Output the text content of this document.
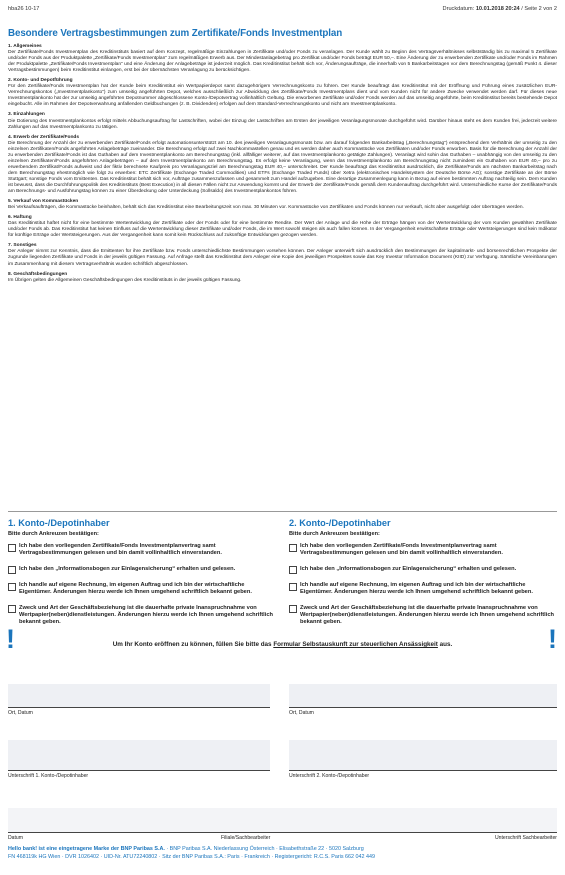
hba26 10-17	Druckdatum: 10.01.2018 20:24 / Seite 2 von 2
Besondere Vertragsbestimmungen zum Zertifikate/Fonds Investmentplan
1. Allgemeines

Der Zertifikate/Fonds Investmentplan des Kreditinstituts basiert auf dem Konzept, regelmäßige Einzahlungen in Zertifikate und/oder Fonds zu veranlagen. Der Kunde wählt zu Beginn des Vertragsverhältnisses selbstständig bis zu maximal 5 Zertifikate und/oder Fonds aus der Produktpalette „Zertifikate/Fonds Investmentplan“ zum regelmäßigen Erwerb aus. Der Mindestanlagebetrag pro Zertifikat und/oder Fonds beträgt EUR 50,–. Eine Änderung der zu erwerbenden Zertifikate und/oder Fonds im Rahmen der Produktpalette „Zertifikate/Fonds Investmentplan“ und eine Änderung der Anlagebeträge ist jederzeit möglich. Das Kreditinstitut behält sich vor, Änderungsaufträge, die innerhalb von 5 Bankarbeitstagen vor dem Berechnungstag (gemäß Punkt 4. dieser Vertragsbestimmungen) beim Kreditinstitut einlangen, erst bei der übernächsten Veranlagung zu berücksichtigen.

2. Konto- und Depotführung

Für den Zertifikate/Fonds Investmentplan hat der Kunde beim Kreditinstitut ein Wertpapierdepot samt dazugehörigem Verrechnungskonto zu führen. Der Kunde beauftragt das Kreditinstitut mit der Eröffnung und Führung eines zusätzlichen EUR-Verrechnungskontos („Investmentplankonto“) zum umseitig angeführten Depot, welches ausschließlich zur Abwicklung des Zertifikate/Fonds Investmentplans dient und vom Kunden nicht für andere Zwecke verwendet werden darf. Für dieses neue Investmentplankonto hat der zur umseitig angeführten Depotnummer abgeschlossene Konto-/Depotvertrag vollinhaltlich Geltung. Die erworbenen Zertifikate und/oder Fonds werden auf das umseitig angeführte, beim Kreditinstitut bereits bestehende Depot eingebucht. Alle im Rahmen der Depotverwahrung anfallenden Geldbuchungen (z. B. Dividenden) erfolgen auf dem Standard-Verrechnungskonto und nicht am Investmentplankonto.

3. Einzahlungen

Die Dotierung des Investmentplankontos erfolgt mittels Abbuchungsauftrag für Lastschriften, wobei der Einzug der Lastschriften am Ersten der jeweiligen Veranlagungsmonate durchgeführt wird. Darüber hinaus steht es dem Kunden frei, jederzeit weitere Zahlungen auf das Investmentplankonto zu tätigen.

4. Erwerb der Zertifikate/Fonds

Die Berechnung der Anzahl der zu erwerbenden Zertifikate/Fonds erfolgt automationsunterstützt am 10. des jeweiligen Veranlagungsmonats bzw. am darauf folgenden Bankarbeitstag („Berechnungstag“) entsprechend dem Verhältnis der umseitig zu den einzelnen Zertifikaten/Fonds angeführten Anlagebeträge zueinander. Die Berechnung erfolgt auf zwei Nachkommastellen genau und es werden daher auch Kommastücke von Zertifikaten und/oder Fonds erworben. Basis für die Berechnung der Anzahl der zu erwerbenden Zertifikate/Fonds ist das Guthaben auf dem Investmentplankonto am Berechnungstag (inkl. allfälliger weiterer, auf das Investmentplankonto getätigte Zahlungen). Veranlagt wird sohin das Guthaben – unabhängig von den umseitig zu den einzelnen Zertifikaten/Fonds angeführten Anlagebeträgen – auf dem Investmentplankonto am Berechnungstag. Es erfolgt keine Veranlagung, wenn das Investmentplankonto am Berechnungstag nicht zumindest ein Guthaben von EUR 40,– pro zu erwerbendem Zertifikat/Fonds aufweist und der fiktiv berechnete Kaufpreis pro Veranlagungsziel am Berechnungstag EUR 40,– unterschreitet. Der Kunde beauftragt das Kreditinstitut ausdrücklich, die Zertifikate/Fonds am nächsten Bankarbeitstag nach dem Berechnungstag ehestmöglich wie folgt zu erwerben: ETC Zertifikate (Exchange Traded Commodities) und ETFs (Exchange Traded Funds) über Xetra (elektronisches Handelssystem der Deutsche Börse AG); sonstige Zertifikate an der Börse Stuttgart; sonstige Fonds vom Emittenten. Das Kreditinstitut behält sich vor, Aufträge zusammenzufassen und gesammelt zum Handel aufzugeben. Eine derartige Zusammenlegung kann in Bezug auf einen bestimmten Auftrag nachteilig sein. Dem Kunden ist bewusst, dass die Durchführungspolitik des Kreditinstituts (Best Execution) in all diesen Fällen nicht zur Anwendung kommt und der Erwerb der Zertifikate/Fonds gemäß dem Kundenauftrag durchgeführt wird. Unterschiedliche Kurse der Zertifikate/Fonds am Berechnungs- und Ausführungstag können zu einer Überdeckung oder Unterdeckung (Sollsaldo) des Investmentplankontos führen.

5. Verkauf von Kommastücken

Bei Verkaufsaufträgen, die Kommastücke beinhalten, behält sich das Kreditinstitut eine Bearbeitungszeit von max. 30 Minuten vor. Kommastücke von Zertifikaten und Fonds können nur verkauft, nicht aber ausgefolgt oder übertragen werden.

6. Haftung

Das Kreditinstitut haftet nicht für eine bestimmte Wertentwicklung der Zertifikate oder der Fonds oder für eine bestimmte Rendite. Der Wert der Anlage und die Höhe der Erträge hängen von der Wertentwicklung der vom Kunden gewählten Zertifikate und/oder Fonds ab. Das Kreditinstitut hat keinen Einfluss auf die Wertentwicklung dieser Zertifikate und/oder Fonds, die im Wert sowohl steigen als auch fallen können. In der Vergangenheit erwirtschaftete Erträge oder Wertsteigerungen sind kein Indikator für künftige Erträge oder Wertsteigerungen. Aus der Vergangenheit kann somit kein Rückschluss auf zukünftige Entwicklungen gezogen werden.

7. Sonstiges

Der Anleger nimmt zur Kenntnis, dass die Emittenten für ihre Zertifikate bzw. Fonds unterschiedlichste Bestimmungen vorsehen können. Der Anleger unterwirft sich ausdrücklich den Bestimmungen der kapitalmarkt- und börsenrechtlichen Prospekte der zugrunde liegenden Zertifikate und Fonds in der jeweils gültigen Fassung. Auf Anfrage stellt das Kreditinstitut dem Anleger eine Kopie des jeweiligen Prospektes sowie das Key Investor Information Document (KIID) zur Verfügung. Sämtliche Vereinbarungen im Zusammenhang mit diesem Vertragsverhältnis wurden schriftlich abgeschlossen.

8. Geschäftsbedingungen

Im Übrigen gelten die Allgemeinen Geschäftsbedingungen des Kreditinstituts in der jeweils gültigen Fassung.

1. Konto-/Depotinhaber
Bitte durch Ankreuzen bestätigen:
Ich habe den vorliegenden Zertifikate/Fonds Investmentplanvertrag samt Vertragsbestimmungen gelesen und bin damit vollinhaltlich einverstanden.
Ich habe den „Informationsbogen zur Einlagensicherung“ erhalten und gelesen.
Ich handle auf eigene Rechnung, im eigenen Auftrag und ich bin der wirtschaftliche Eigentümer. Änderungen hierzu werde ich Ihnen umgehend schriftlich bekannt geben.
Zweck und Art der Geschäftsbeziehung ist die dauerhafte private Inanspruchnahme von Wertpapier(neben)dienstleistungen. Änderungen hierzu werde ich Ihnen umgehend schriftlich bekannt geben.
2. Konto-/Depotinhaber
Bitte durch Ankreuzen bestätigen:
Ich habe den vorliegenden Zertifikate/Fonds Investmentplanvertrag samt Vertragsbestimmungen gelesen und bin damit vollinhaltlich einverstanden.
Ich habe den „Informationsbogen zur Einlagensicherung“ erhalten und gelesen.
Ich handle auf eigene Rechnung, im eigenen Auftrag und ich bin der wirtschaftliche Eigentümer. Änderungen hierzu werde ich Ihnen umgehend schriftlich bekannt geben.
Zweck und Art der Geschäftsbeziehung ist die dauerhafte private Inanspruchnahme von Wertpapier(neben)dienstleistungen. Änderungen hierzu werde ich Ihnen umgehend schriftlich bekannt geben.
!	!
Um Ihr Konto eröffnen zu können, füllen Sie bitte das Formular Selbstauskunft zur steuerlichen Ansässigkeit aus.
Ort, Datum	Ort, Datum
Unterschrift 1. Konto-/Depotinhaber	Unterschrift 2. Konto-/Depotinhaber
Datum	Filiale/Sachbearbeiter	Unterschrift Sachbearbeiter
Hello bank! ist eine eingetragene Marke der BNP Paribas S.A. · BNP Paribas S.A. Niederlassung Österreich · Elisabethstraße 22 · 5020 Salzburg
FN 468119k HG Wien · DVR 1026402 · UID-Nr. ATU72240802 · Sitz der BNP Paribas S.A.: Paris · Frankreich · Registergericht: R.C.S. Paris 662 042 449
